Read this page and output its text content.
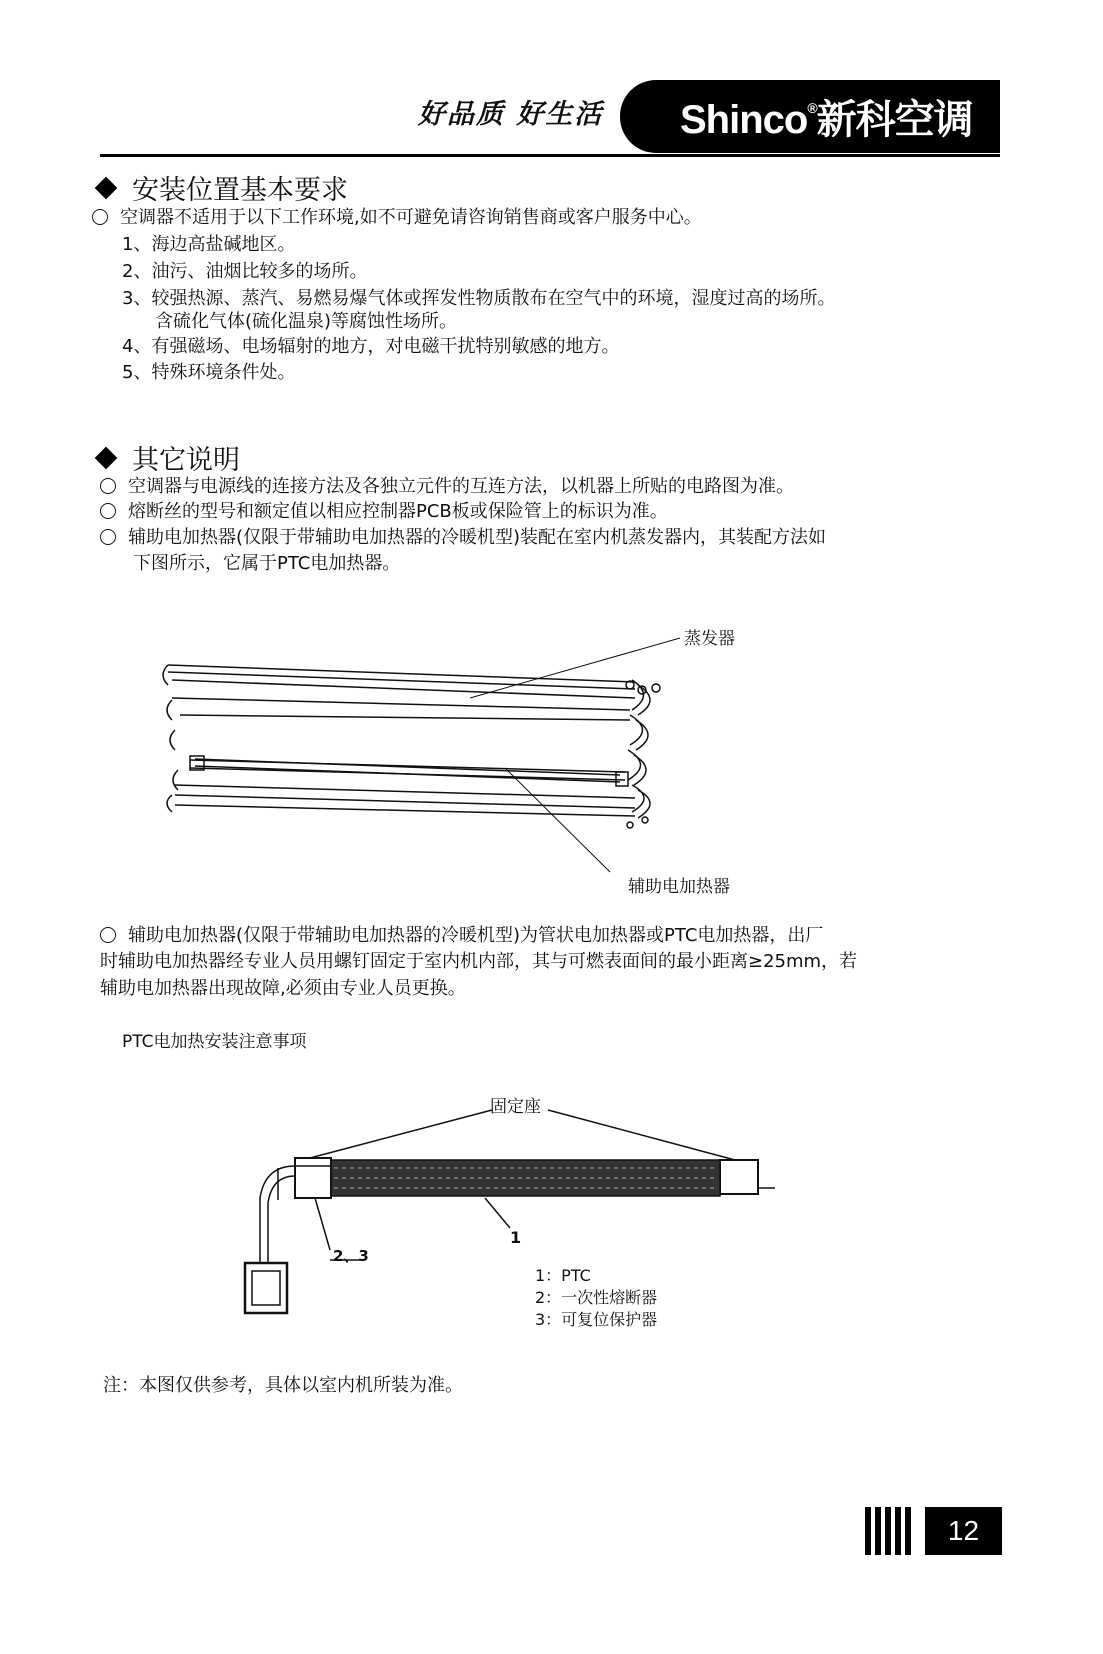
好品质 好生活 Shinco®新科空调
安装位置基本要求
空调器不适用于以下工作环境,如不可避免请咨询销售商或客户服务中心。
1、海边高盐碱地区。
2、油污、油烟比较多的场所。
3、较强热源、蒸汽、易燃易爆气体或挥发性物质散布在空气中的环境，湿度过高的场所。
含硫化气体(硫化温泉)等腐蚀性场所。
4、有强磁场、电场辐射的地方，对电磁干扰特别敏感的地方。
5、特殊环境条件处。
其它说明
空调器与电源线的连接方法及各独立元件的互连方法，以机器上所贴的电路图为准。
熔断丝的型号和额定值以相应控制器PCB板或保险管上的标识为准。
辅助电加热器(仅限于带辅助电加热器的冷暖机型)装配在室内机蒸发器内，其装配方法如
下图所示，它属于PTC电加热器。
蒸发器
辅助电加热器
辅助电加热器(仅限于带辅助电加热器的冷暖机型)为管状电加热器或PTC电加热器，出厂
时辅助电加热器经专业人员用螺钉固定于室内机内部，其与可燃表面间的最小距离≥25mm，若
辅助电加热器出现故障,必须由专业人员更换。
PTC电加热安装注意事项
固定座
1
2、3
1：PTC
2：一次性熔断器
3：可复位保护器
注：本图仅供参考，具体以室内机所装为准。
12
